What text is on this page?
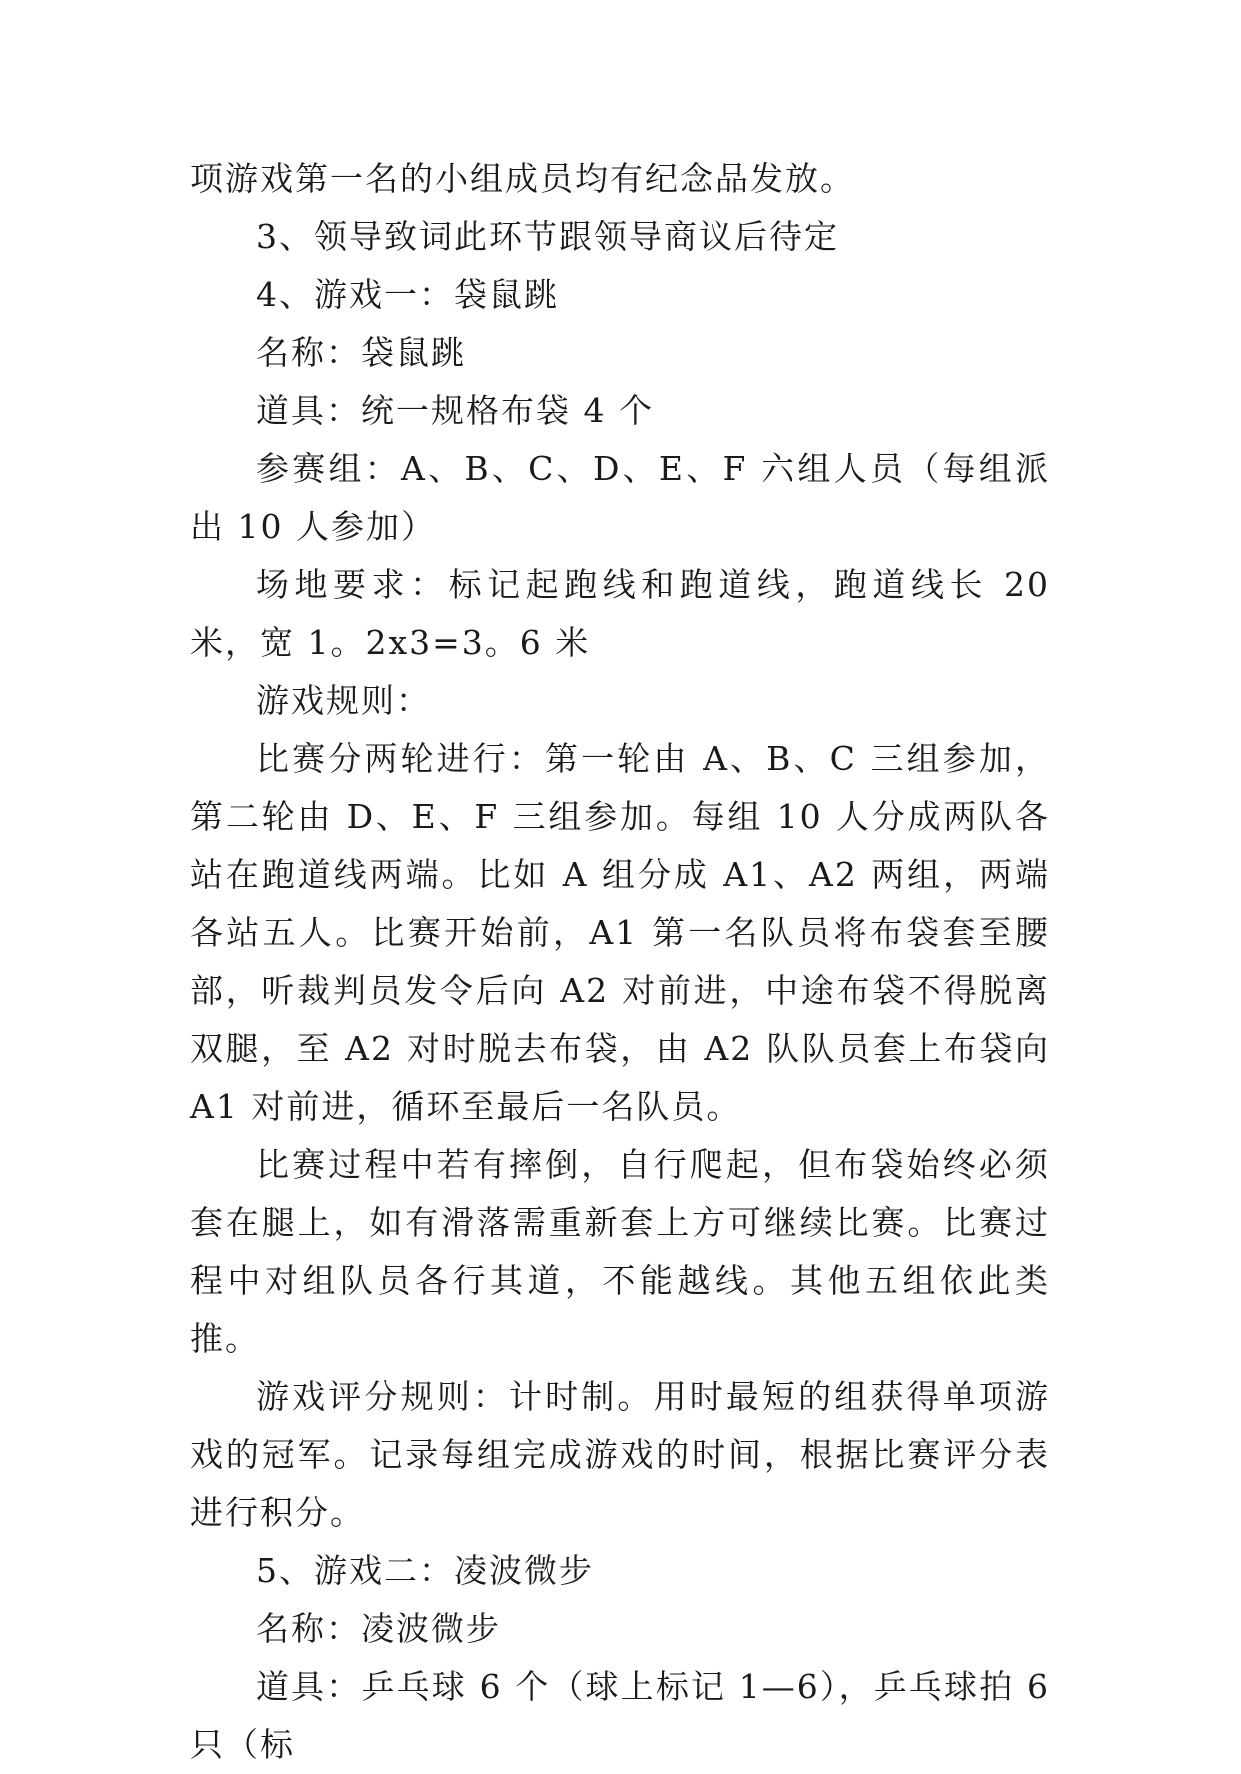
项游戏第一名的小组成员均有纪念品发放。

3、领导致词此环节跟领导商议后待定

4、游戏一：袋鼠跳

名称：袋鼠跳

道具：统一规格布袋 4 个

参赛组：A、B、C、D、E、F 六组人员（每组派出 10 人参加）

场地要求：标记起跑线和跑道线，跑道线长 20 米，宽 1。2x3=3。6 米

游戏规则：

比赛分两轮进行：第一轮由 A、B、C 三组参加，第二轮由 D、E、F 三组参加。每组 10 人分成两队各站在跑道线两端。比如 A 组分成 A1、A2 两组，两端各站五人。比赛开始前，A1 第一名队员将布袋套至腰部，听裁判员发令后向 A2 对前进，中途布袋不得脱离双腿，至 A2 对时脱去布袋，由 A2 队队员套上布袋向 A1 对前进，循环至最后一名队员。

比赛过程中若有摔倒，自行爬起，但布袋始终必须套在腿上，如有滑落需重新套上方可继续比赛。比赛过程中对组队员各行其道，不能越线。其他五组依此类推。

游戏评分规则：计时制。用时最短的组获得单项游戏的冠军。记录每组完成游戏的时间，根据比赛评分表进行积分。

5、游戏二：凌波微步

名称：凌波微步

道具：乒乓球 6 个（球上标记 1—6），乒乓球拍 6 只（标
